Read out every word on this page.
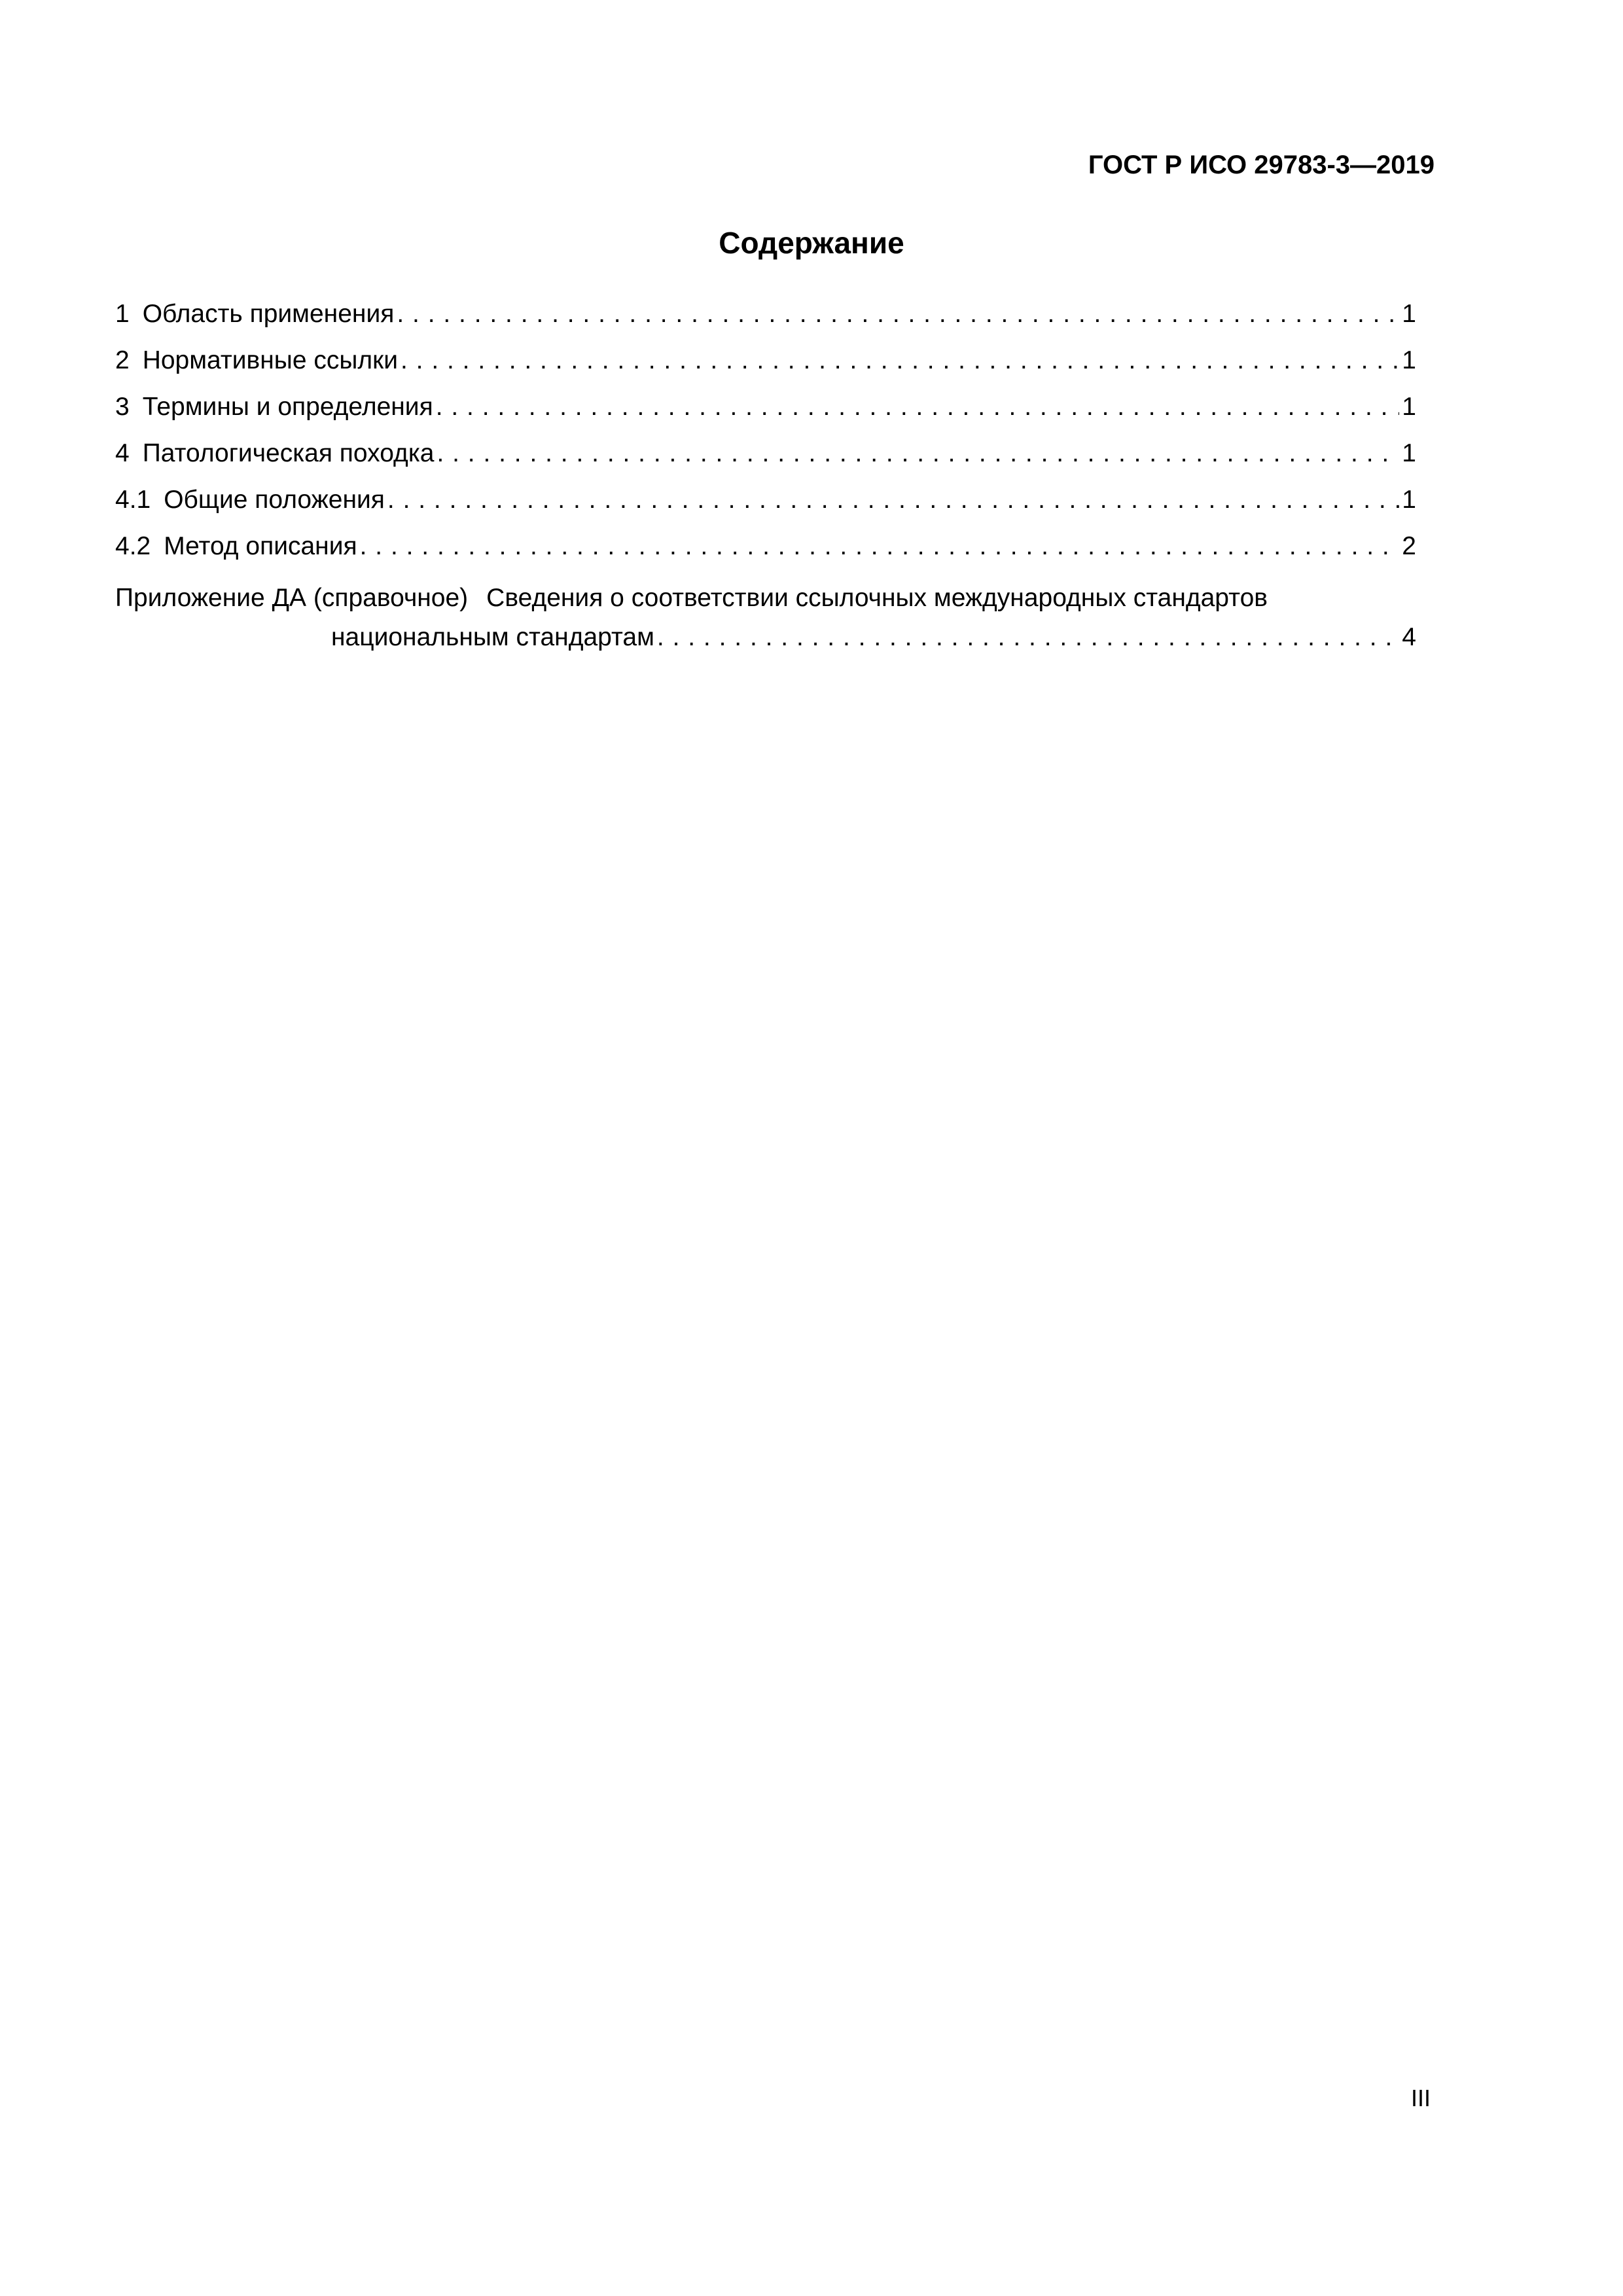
ГОСТ Р ИСО 29783-3—2019
Содержание
1 Область применения . . .	1
2 Нормативные ссылки . . .	1
3 Термины и определения . . .	1
4 Патологическая походка . . .	1
4.1 Общие положения . . .	1
4.2 Метод описания . . .	2
Приложение ДА (справочное) Сведения о соответствии ссылочных международных стандартов
национальным стандартам . . .	4
III
